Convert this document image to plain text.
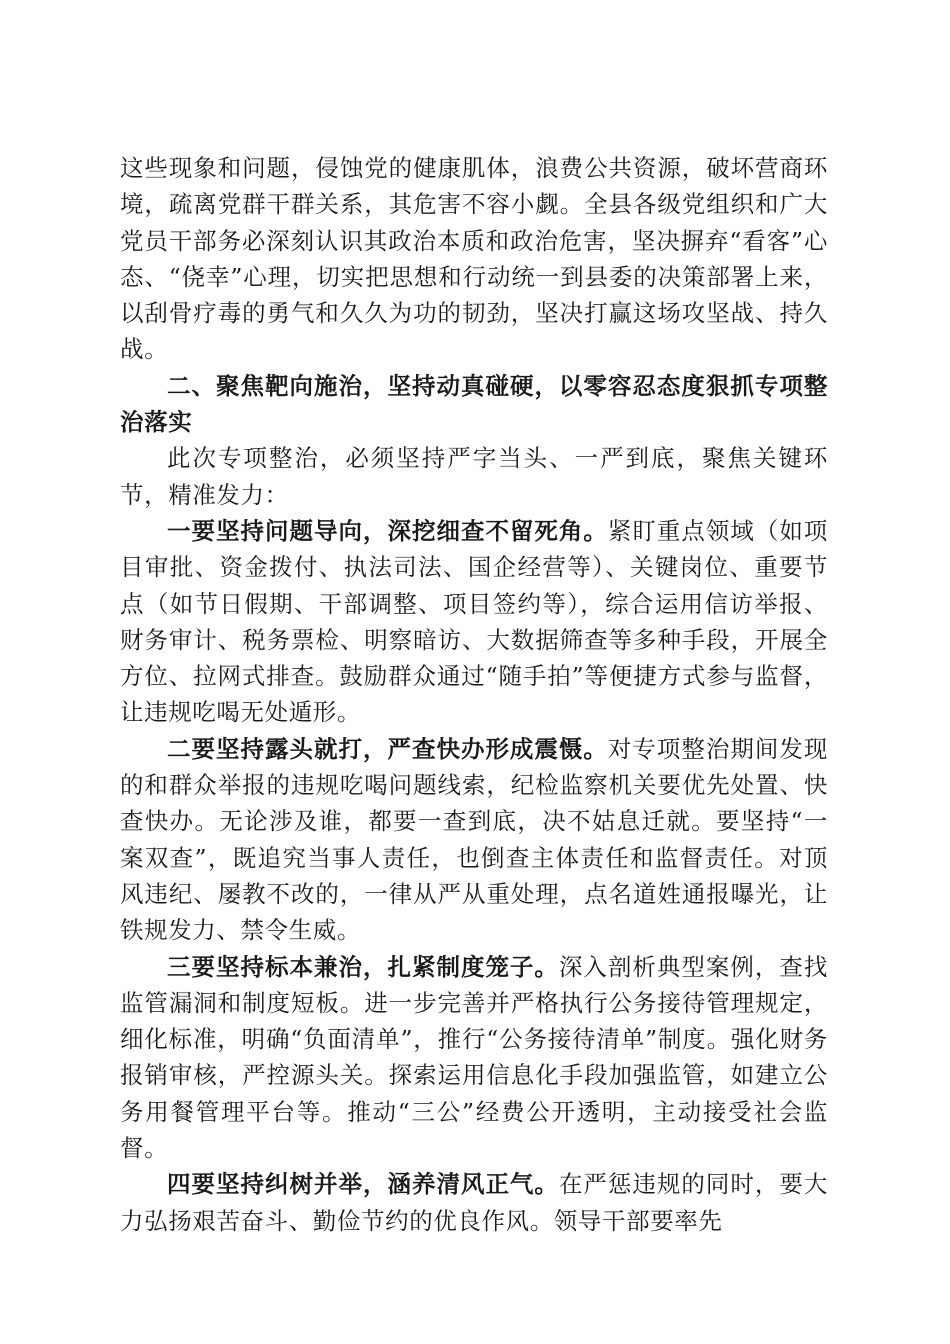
这些现象和问题，侵蚀党的健康肌体，浪费公共资源，破坏营商环境，疏离党群干群关系，其危害不容小觑。全县各级党组织和广大党员干部务必深刻认识其政治本质和政治危害，坚决摒弃“看客”心态、“侥幸”心理，切实把思想和行动统一到县委的决策部署上来，以刮骨疗毒的勇气和久久为功的韧劲，坚决打赢这场攻坚战、持久战。

二、聚焦靶向施治，坚持动真碰硬，以零容忍态度狠抓专项整治落实

此次专项整治，必须坚持严字当头、一严到底，聚焦关键环节，精准发力：

一要坚持问题导向，深挖细查不留死角。紧盯重点领域（如项目审批、资金拨付、执法司法、国企经营等）、关键岗位、重要节点（如节日假期、干部调整、项目签约等），综合运用信访举报、财务审计、税务票检、明察暗访、大数据筛查等多种手段，开展全方位、拉网式排查。鼓励群众通过“随手拍”等便捷方式参与监督，让违规吃喝无处遁形。

二要坚持露头就打，严查快办形成震慑。对专项整治期间发现的和群众举报的违规吃喝问题线索，纪检监察机关要优先处置、快查快办。无论涉及谁，都要一查到底，决不姑息迁就。要坚持“一案双查”，既追究当事人责任，也倒查主体责任和监督责任。对顶风违纪、屡教不改的，一律从严从重处理，点名道姓通报曝光，让铁规发力、禁令生威。

三要坚持标本兼治，扎紧制度笼子。深入剖析典型案例，查找监管漏洞和制度短板。进一步完善并严格执行公务接待管理规定，细化标准，明确“负面清单”，推行“公务接待清单”制度。强化财务报销审核，严控源头关。探索运用信息化手段加强监管，如建立公务用餐管理平台等。推动“三公”经费公开透明，主动接受社会监督。

四要坚持纠树并举，涵养清风正气。在严惩违规的同时，要大力弘扬艰苦奋斗、勤俭节约的优良作风。领导干部要率先
